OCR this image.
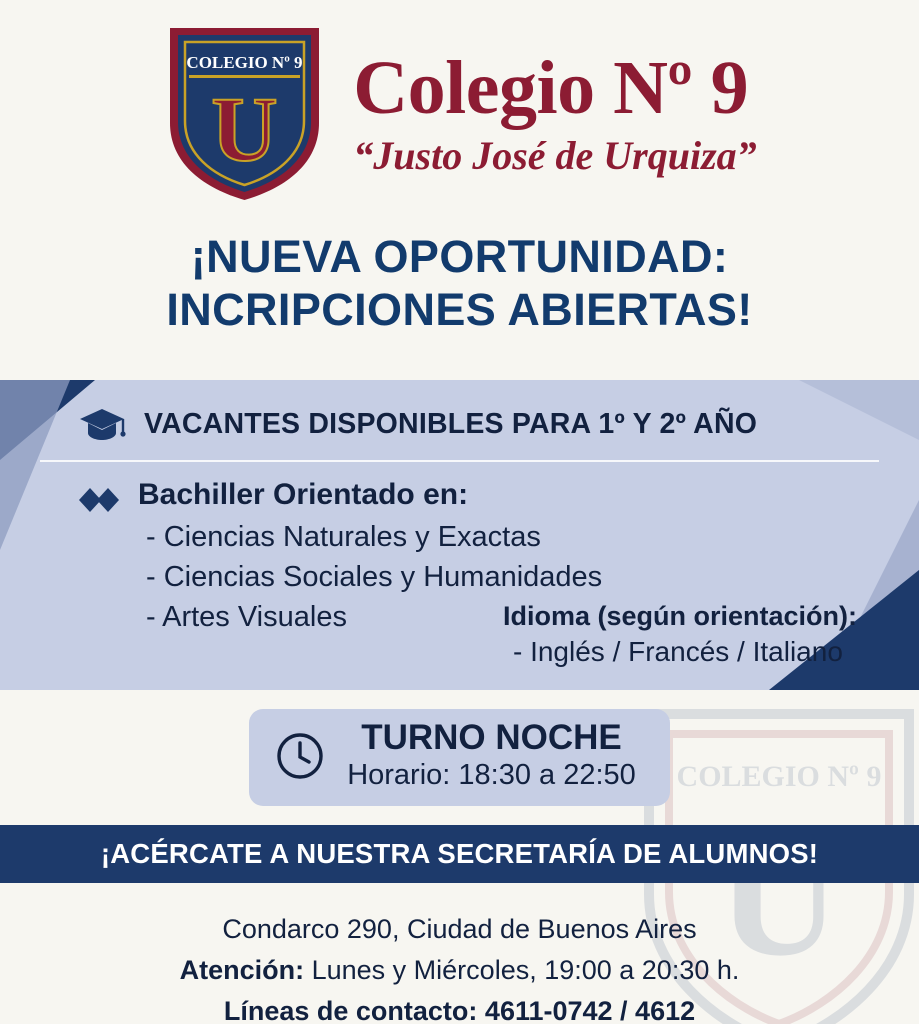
COLEGIO Nº 9
U
COLEGIO Nº 9
U Colegio Nº 9
“Justo José de Urquiza”
¡NUEVA OPORTUNIDAD:
INCRIPCIONES ABIERTAS!
VACANTES DISPONIBLES PARA 1º Y 2º AÑO
Bachiller Orientado en:
- Ciencias Naturales y Exactas
- Ciencias Sociales y Humanidades
- Artes Visuales	Idioma (según orientación):
- Inglés / Francés / Italiano
TURNO NOCHE
Horario: 18:30 a 22:50
¡ACÉRCATE A NUESTRA SECRETARÍA DE ALUMNOS!
Condarco 290, Ciudad de Buenos Aires
Atención: Lunes y Miércoles, 19:00 a 20:30 h.
Líneas de contacto: 4611-0742 / 4612
